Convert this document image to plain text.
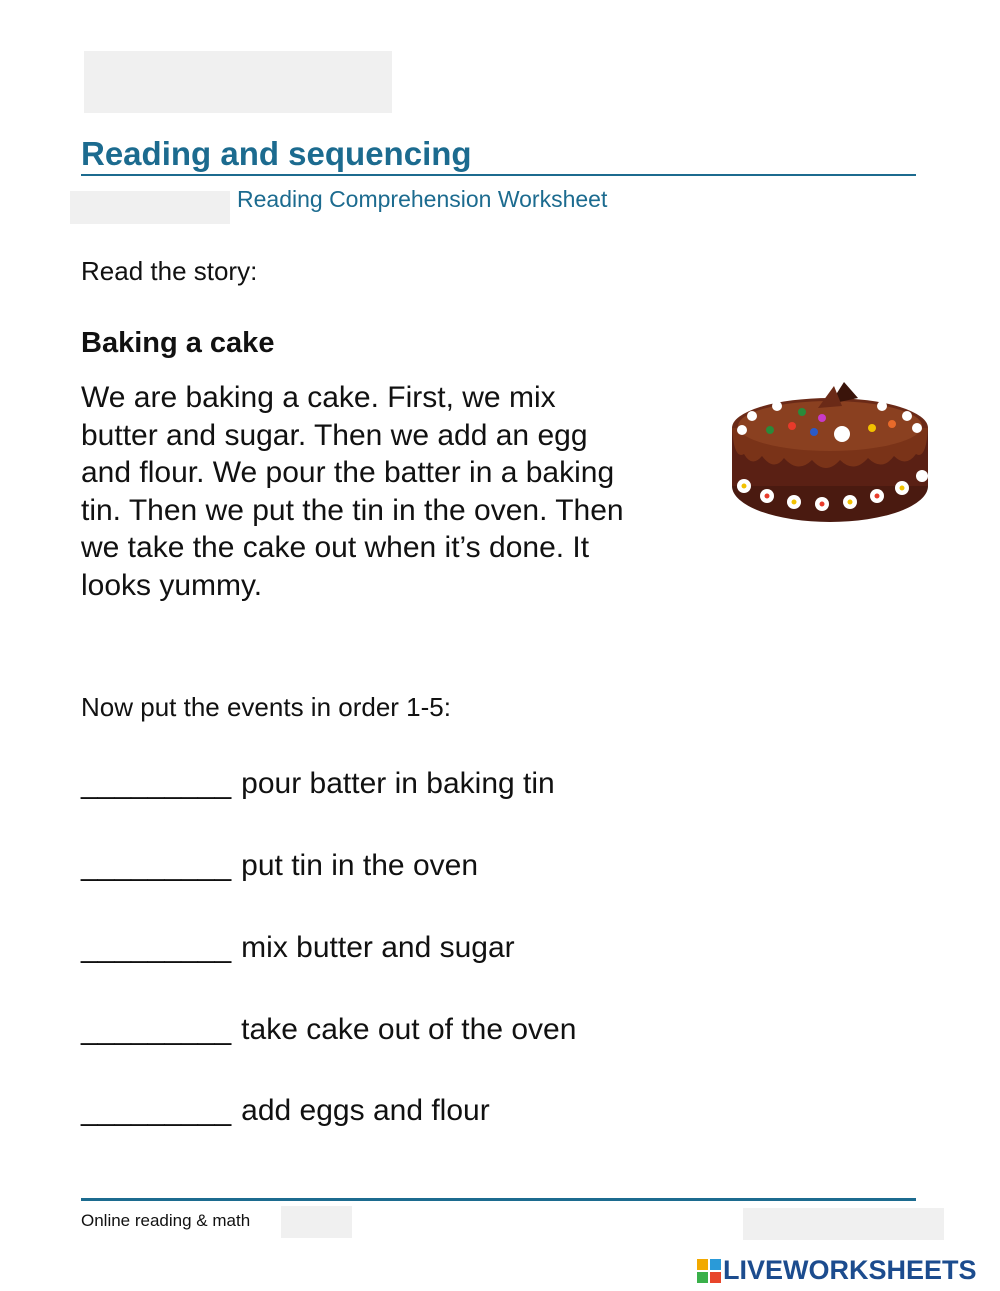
Reading and sequencing
Reading Comprehension Worksheet
Read the story:
Baking a cake

We are baking a cake. First, we mix
butter and sugar. Then we add an egg
and flour. We pour the batter in a baking
tin. Then we put the tin in the oven. Then
we take the cake out when it’s done. It
looks yummy.

Now put the events in order 1-5:
_________ pour batter in baking tin
_________ put tin in the oven
_________ mix butter and sugar
_________ take cake out of the oven
_________ add eggs and flour
Online reading & math
LIVEWORKSHEETS
